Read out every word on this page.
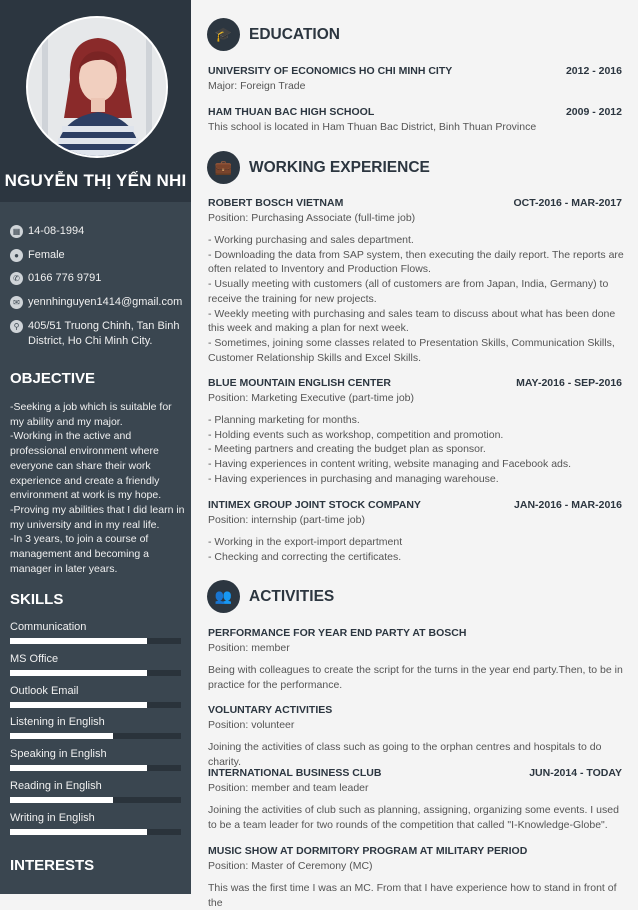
NGUYỄN THỊ YẾN NHI
▦ 14-08-1994
● Female
✆ 0166 776 9791
✉ yennhinguyen1414@gmail.com
⚲ 405/51 Truong Chinh, Tan Binh District, Ho Chi Minh City.
OBJECTIVE
-Seeking a job which is suitable for my ability and my major.
-Working in the active and professional environment where everyone can share their work experience and create a friendly environment at work is my hope.
-Proving my abilities that I did learn in my university and in my real life.
-In 3 years, to join a course of management and becoming a manager in later years.
SKILLS
Communication
MS Office
Outlook Email
Listening in English
Speaking in English
Reading in English
Writing in English
INTERESTS
🎓	EDUCATION
UNIVERSITY OF ECONOMICS HO CHI MINH CITY	2012 - 2016
Major: Foreign Trade
HAM THUAN BAC HIGH SCHOOL	2009 - 2012
This school is located in Ham Thuan Bac District, Binh Thuan Province
💼	WORKING EXPERIENCE
ROBERT BOSCH VIETNAM	OCT-2016 - MAR-2017
Position: Purchasing Associate (full-time job)
- Working purchasing and sales department.
- Downloading the data from SAP system, then executing the daily report. The reports are often related to Inventory and Production Flows.
- Usually meeting with customers (all of customers are from Japan, India, Germany) to receive the training for new projects.
- Weekly meeting with purchasing and sales team to discuss about what has been done this week and making a plan for next week.
- Sometimes, joining some classes related to Presentation Skills, Communication Skills, Customer Relationship Skills and Excel Skills.
BLUE MOUNTAIN ENGLISH CENTER	MAY-2016 - SEP-2016
Position: Marketing Executive (part-time job)
- Planning marketing for months.
- Holding events such as workshop, competition and promotion.
- Meeting partners and creating the budget plan as sponsor.
- Having experiences in content writing, website managing and Facebook ads.
- Having experiences in purchasing and managing warehouse.
INTIMEX GROUP JOINT STOCK COMPANY	JAN-2016 - MAR-2016
Position: internship (part-time job)
- Working in the export-import department
- Checking and correcting the certificates.
👥	ACTIVITIES
PERFORMANCE FOR YEAR END PARTY AT BOSCH
Position: member
Being with colleagues to create the script for the turns in the year end party.Then, to be in practice for the performance.
VOLUNTARY ACTIVITIES
Position: volunteer
Joining the activities of class such as going to the orphan centres and hospitals to do charity.
INTERNATIONAL BUSINESS CLUB	JUN-2014 - TODAY
Position: member and team leader
Joining the activities of club such as planning, assigning, organizing some events. I used to be a team leader for two rounds of the competition that called "I-Knowledge-Globe".
MUSIC SHOW AT DORMITORY PROGRAM AT MILITARY PERIOD
Position: Master of Ceremony (MC)
This was the first time I was an MC. From that I have experience how to stand in front of the
